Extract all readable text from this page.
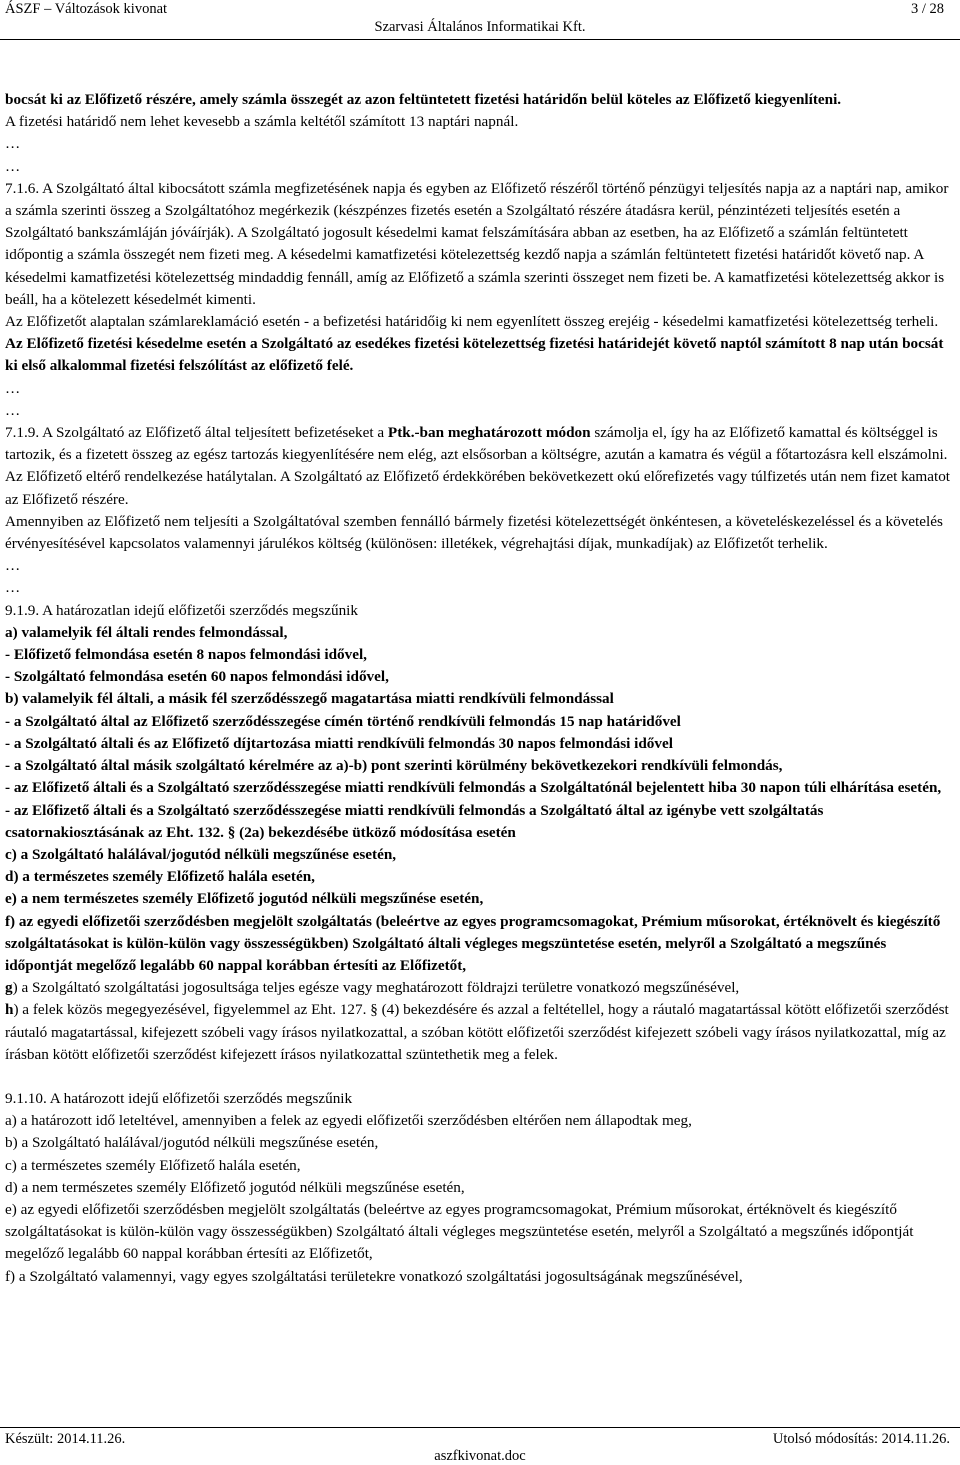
ÁSZF – Változások kivonat
Szarvasi Általános Informatikai Kft.
3 / 28

bocsát ki az Előfizető részére, amely számla összegét az azon feltüntetett fizetési határidőn belül köteles az Előfizető kiegyenlíteni.

A fizetési határidő nem lehet kevesebb a számla keltétől számított 13 naptári napnál.

…

…

7.1.6. A Szolgáltató által kibocsátott számla megfizetésének napja és egyben az Előfizető részéről történő pénzügyi teljesítés napja az a naptári nap, amikor a számla szerinti összeg a Szolgáltatóhoz megérkezik (készpénzes fizetés esetén a Szolgáltató részére átadásra kerül, pénzintézeti teljesítés esetén a Szolgáltató bankszámláján jóváírják). A Szolgáltató jogosult késedelmi kamat felszámítására abban az esetben, ha az Előfizető a számlán feltüntetett időpontig a számla összegét nem fizeti meg. A késedelmi kamatfizetési kötelezettség kezdő napja a számlán feltüntetett fizetési határidőt követő nap. A késedelmi kamatfizetési kötelezettség mindaddig fennáll, amíg az Előfizető a számla szerinti összeget nem fizeti be. A kamatfizetési kötelezettség akkor is beáll, ha a kötelezett késedelmét kimenti.

Az Előfizetőt alaptalan számlareklamáció esetén - a befizetési határidőig ki nem egyenlített összeg erejéig - késedelmi kamatfizetési kötelezettség terheli.

Az Előfizető fizetési késedelme esetén a Szolgáltató az esedékes fizetési kötelezettség fizetési határidejét követő naptól számított 8 nap után bocsát ki első alkalommal fizetési felszólítást az előfizető felé.

…

…

7.1.9. A Szolgáltató az Előfizető által teljesített befizetéseket a Ptk.-ban meghatározott módon számolja el, így ha az Előfizető kamattal és költséggel is tartozik, és a fizetett összeg az egész tartozás kiegyenlítésére nem elég, azt elsősorban a költségre, azután a kamatra és végül a főtartozásra kell elszámolni. Az Előfizető eltérő rendelkezése hatálytalan. A Szolgáltató az Előfizető érdekkörében bekövetkezett okú előrefizetés vagy túlfizetés után nem fizet kamatot az Előfizető részére.

Amennyiben az Előfizető nem teljesíti a Szolgáltatóval szemben fennálló bármely fizetési kötelezettségét önkéntesen, a követeléskezeléssel és a követelés érvényesítésével kapcsolatos valamennyi járulékos költség (különösen: illetékek, végrehajtási díjak, munkadíjak) az Előfizetőt terhelik.

…

…

9.1.9. A határozatlan idejű előfizetői szerződés megszűnik

a) valamelyik fél általi rendes felmondással,

- Előfizető felmondása esetén 8 napos felmondási idővel,

- Szolgáltató felmondása esetén 60 napos felmondási idővel,

b) valamelyik fél általi, a másik fél szerződésszegő magatartása miatti rendkívüli felmondással

- a Szolgáltató által az Előfizető szerződésszegése címén történő rendkívüli felmondás 15 nap határidővel

- a Szolgáltató általi és az Előfizető díjtartozása miatti rendkívüli felmondás 30 napos felmondási idővel

- a Szolgáltató által másik szolgáltató kérelmére az a)-b) pont szerinti körülmény bekövetkezekori rendkívüli felmondás,

- az Előfizető általi és a Szolgáltató szerződésszegése miatti rendkívüli felmondás a Szolgáltatónál bejelentett hiba 30 napon túli elhárítása esetén,

- az Előfizető általi és a Szolgáltató szerződésszegése miatti rendkívüli felmondás a Szolgáltató által az igénybe vett szolgáltatás csatornakiosztásának az Eht. 132. § (2a) bekezdésébe ütköző módosítása esetén

c) a Szolgáltató halálával/jogutód nélküli megszűnése esetén,

d) a természetes személy Előfizető halála esetén,

e) a nem természetes személy Előfizető jogutód nélküli megszűnése esetén,

f) az egyedi előfizetői szerződésben megjelölt szolgáltatás (beleértve az egyes programcsomagokat, Prémium műsorokat, értéknövelt és kiegészítő szolgáltatásokat is külön-külön vagy összességükben) Szolgáltató általi végleges megszüntetése esetén, melyről a Szolgáltató a megszűnés időpontját megelőző legalább 60 nappal korábban értesíti az Előfizetőt,

g) a Szolgáltató szolgáltatási jogosultsága teljes egésze vagy meghatározott földrajzi területre vonatkozó megszűnésével,

h) a felek közös megegyezésével, figyelemmel az Eht. 127. § (4) bekezdésére és azzal a feltétellel, hogy a ráutaló magatartással kötött előfizetői szerződést ráutaló magatartással, kifejezett szóbeli vagy írásos nyilatkozattal, a szóban kötött előfizetői szerződést kifejezett szóbeli vagy írásos nyilatkozattal, míg az írásban kötött előfizetői szerződést kifejezett írásos nyilatkozattal szüntethetik meg a felek.

9.1.10. A határozott idejű előfizetői szerződés megszűnik

a) a határozott idő leteltével, amennyiben a felek az egyedi előfizetői szerződésben eltérően nem állapodtak meg,

b) a Szolgáltató halálával/jogutód nélküli megszűnése esetén,

c) a természetes személy Előfizető halála esetén,

d) a nem természetes személy Előfizető jogutód nélküli megszűnése esetén,

e) az egyedi előfizetői szerződésben megjelölt szolgáltatás (beleértve az egyes programcsomagokat, Prémium műsorokat, értéknövelt és kiegészítő szolgáltatásokat is külön-külön vagy összességükben) Szolgáltató általi végleges megszüntetése esetén, melyről a Szolgáltató a megszűnés időpontját megelőző legalább 60 nappal korábban értesíti az Előfizetőt,

f) a Szolgáltató valamennyi, vagy egyes szolgáltatási területekre vonatkozó szolgáltatási jogosultságának megszűnésével,

Készült: 2014.11.26.	Utolsó módosítás: 2014.11.26.
aszfkivonat.doc
